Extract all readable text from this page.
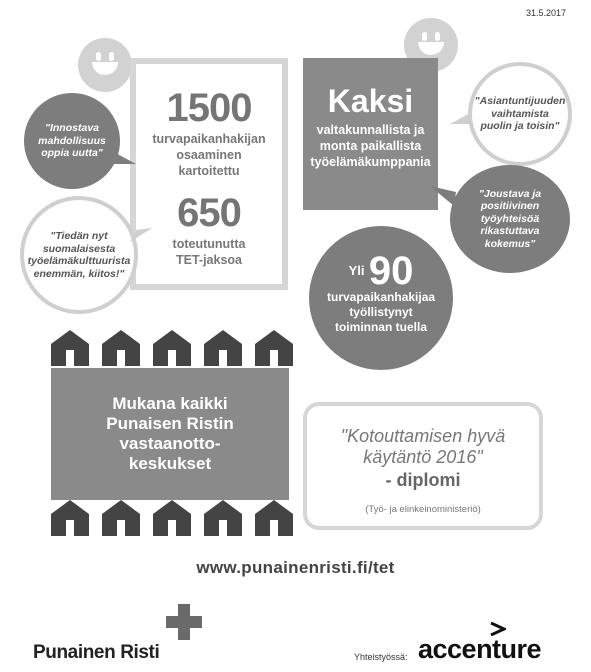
31.5.2017
1500
turvapaikanhakijan osaaminen kartoitettu
650
toteutunutta TET-jaksoa
"Innostava mahdollisuus oppia uutta"
"Tiedän nyt suomalaisesta työelämäkulttuurista enemmän, kiitos!"
Kaksi
valtakunnallista ja monta paikallista työelämäkumppania
"Asiantuntijuuden vaihtamista puolin ja toisin"
"Joustava ja positiivinen työyhteisöä rikastuttava kokemus"
Yli 90
turvapaikanhakijaa työllistynyt toiminnan tuella
Mukana kaikki Punaisen Ristin vastaanotto-keskukset
"Kotouttamisen hyvä käytäntö 2016"
- diplomi
(Työ- ja elinkeinoministeriö)
www.punainenristi.fi/tet
Punainen Risti	Yhteistyössä: accenture
